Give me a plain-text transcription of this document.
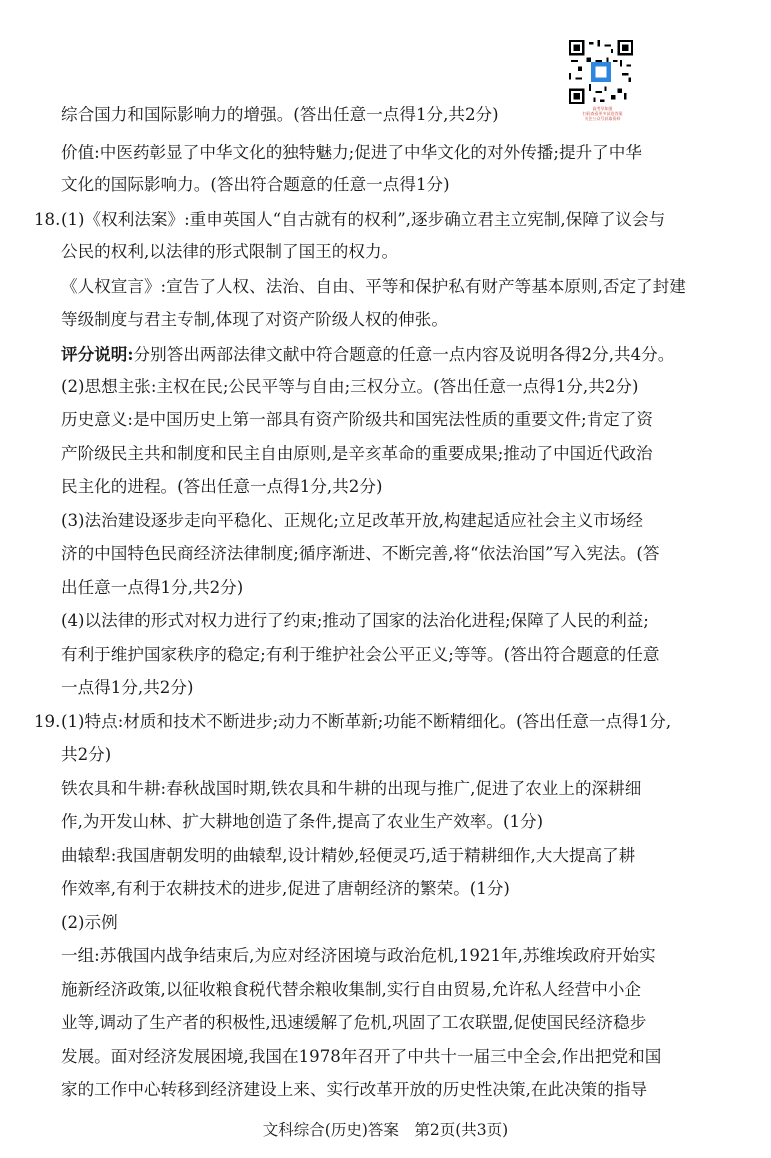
高考早知道
扫码查看更多试卷答案
关注公众号获取资料
综合国力和国际影响力的增强。(答出任意一点得1分,共2分)
价值:中医药彰显了中华文化的独特魅力;促进了中华文化的对外传播;提升了中华
文化的国际影响力。(答出符合题意的任意一点得1分)
18. (1)《权利法案》:重申英国人“自古就有的权利”,逐步确立君主立宪制,保障了议会与
公民的权利,以法律的形式限制了国王的权力。
《人权宣言》:宣告了人权、法治、自由、平等和保护私有财产等基本原则,否定了封建
等级制度与君主专制,体现了对资产阶级人权的伸张。
评分说明:分别答出两部法律文献中符合题意的任意一点内容及说明各得2分,共4分。
(2)思想主张:主权在民;公民平等与自由;三权分立。(答出任意一点得1分,共2分)
历史意义:是中国历史上第一部具有资产阶级共和国宪法性质的重要文件;肯定了资
产阶级民主共和制度和民主自由原则,是辛亥革命的重要成果;推动了中国近代政治
民主化的进程。(答出任意一点得1分,共2分)
(3)法治建设逐步走向平稳化、正规化;立足改革开放,构建起适应社会主义市场经
济的中国特色民商经济法律制度;循序渐进、不断完善,将“依法治国”写入宪法。(答
出任意一点得1分,共2分)
(4)以法律的形式对权力进行了约束;推动了国家的法治化进程;保障了人民的利益;
有利于维护国家秩序的稳定;有利于维护社会公平正义;等等。(答出符合题意的任意
一点得1分,共2分)
19. (1)特点:材质和技术不断进步;动力不断革新;功能不断精细化。(答出任意一点得1分,
共2分)
铁农具和牛耕:春秋战国时期,铁农具和牛耕的出现与推广,促进了农业上的深耕细
作,为开发山林、扩大耕地创造了条件,提高了农业生产效率。(1分)
曲辕犁:我国唐朝发明的曲辕犁,设计精妙,轻便灵巧,适于精耕细作,大大提高了耕
作效率,有利于农耕技术的进步,促进了唐朝经济的繁荣。(1分)
(2)示例
一组:苏俄国内战争结束后,为应对经济困境与政治危机,1921年,苏维埃政府开始实
施新经济政策,以征收粮食税代替余粮收集制,实行自由贸易,允许私人经营中小企
业等,调动了生产者的积极性,迅速缓解了危机,巩固了工农联盟,促使国民经济稳步
发展。面对经济发展困境,我国在1978年召开了中共十一届三中全会,作出把党和国
家的工作中心转移到经济建设上来、实行改革开放的历史性决策,在此决策的指导
文科综合(历史)答案　第2页(共3页)
